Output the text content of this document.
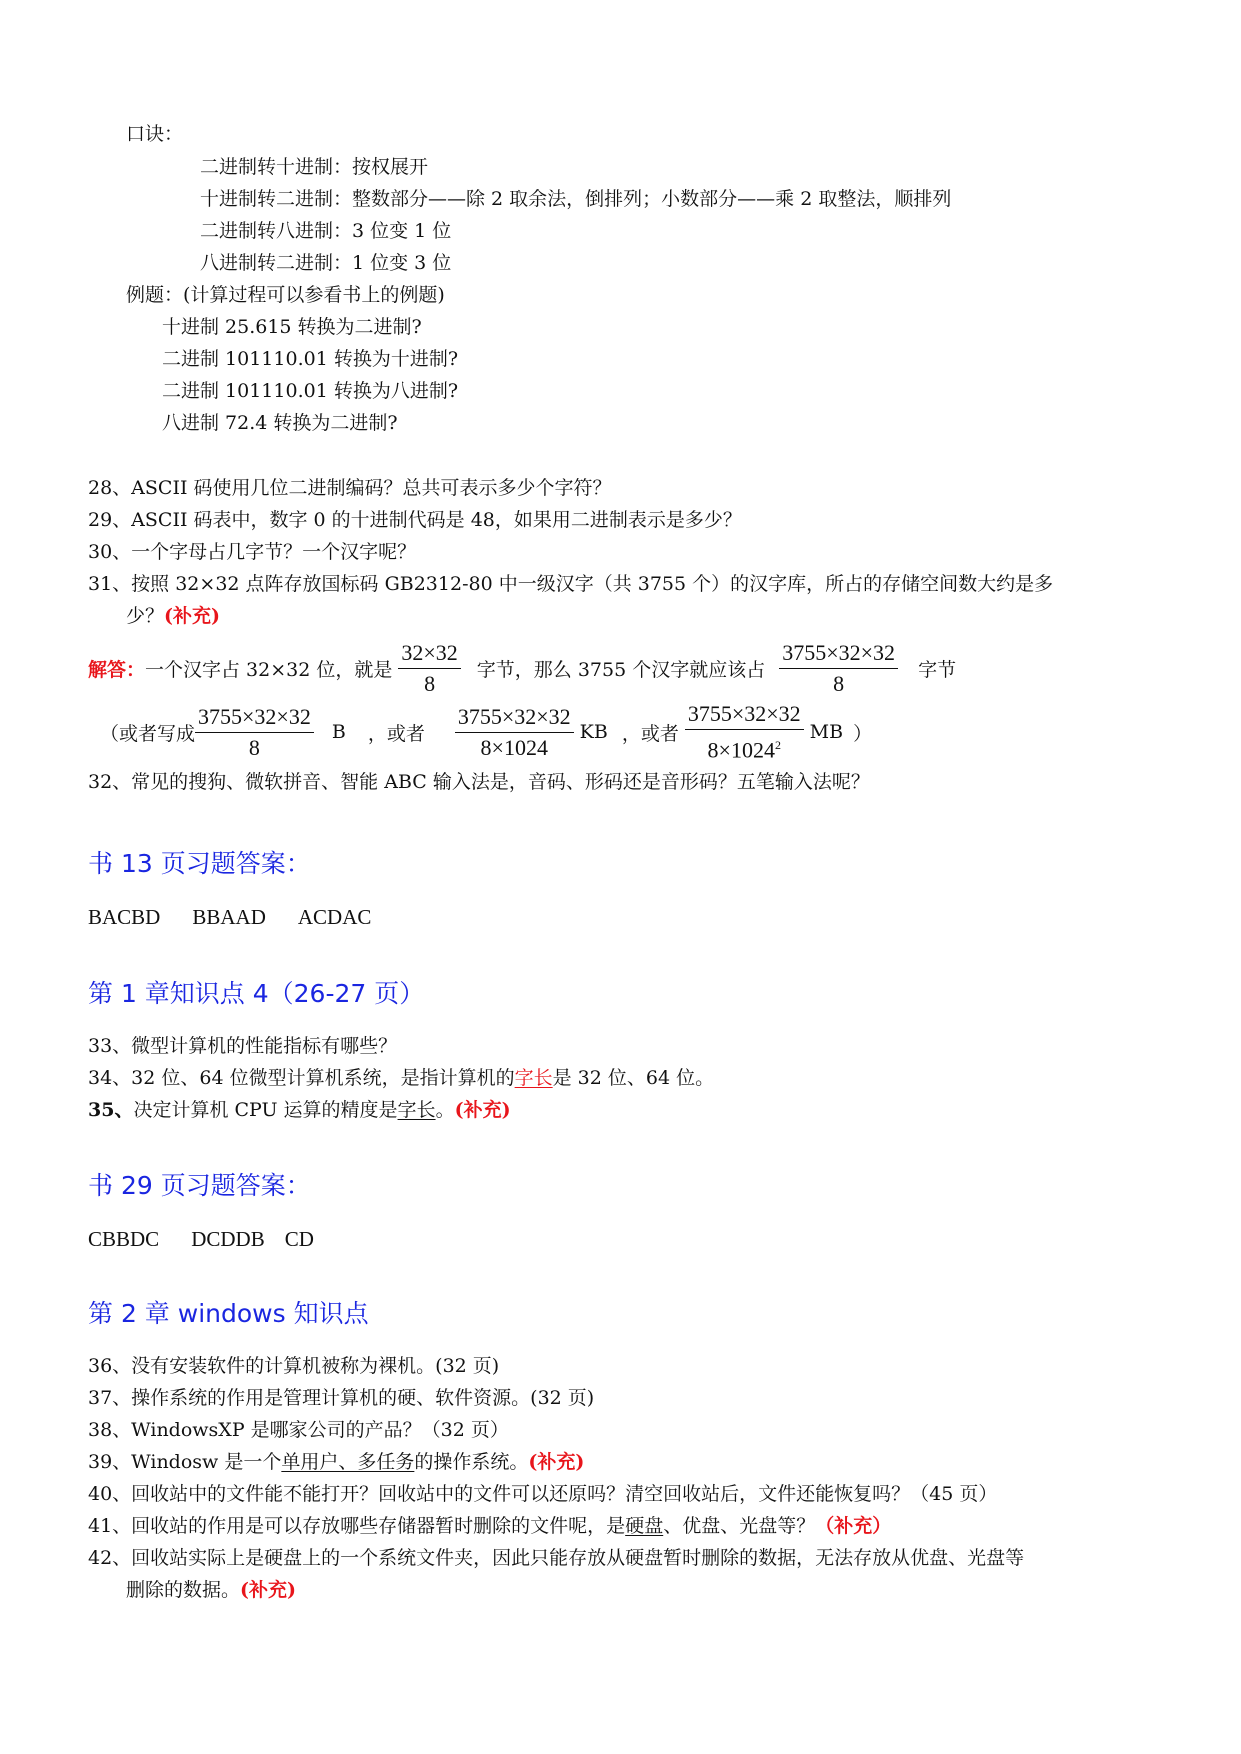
口诀：
二进制转十进制：按权展开
十进制转二进制：整数部分——除 2 取余法，倒排列；小数部分——乘 2 取整法，顺排列
二进制转八进制：3 位变 1 位
八进制转二进制：1 位变 3 位
例题：(计算过程可以参看书上的例题)
十进制 25.615 转换为二进制?
二进制 101110.01 转换为十进制?
二进制 101110.01 转换为八进制?
八进制 72.4 转换为二进制?
28、ASCII 码使用几位二进制编码？总共可表示多少个字符？
29、ASCII 码表中，数字 0 的十进制代码是 48，如果用二进制表示是多少？
30、一个字母占几字节？一个汉字呢？
31、按照 32×32 点阵存放国标码 GB2312-80 中一级汉字（共 3755 个）的汉字库，所占的存储空间数大约是多
少？(补充)
解答： 一个汉字占 32×32 位，就是 $\frac{32\times 32}{8}$ 字节，那么 3755 个汉字就应该占 $\frac{3755\times 32\times 32}{8}$ 字节
（或者写成 $\frac{3755\times 32\times 32}{8}$ B ，或者 $\frac{3755\times 32\times 32}{8\times 1024}$ KB ，或者 $\frac{3755\times 32\times 32}{8\times 1024^2}$ MB ）
32、常见的搜狗、微软拼音、智能 ABC 输入法是，音码、形码还是音形码？五笔输入法呢？
书 13 页习题答案：
BACBD BBAAD ACDAC
第 1 章知识点 4（26-27 页）
33、微型计算机的性能指标有哪些？
34、32 位、64 位微型计算机系统，是指计算机的字长是 32 位、64 位。
35、决定计算机 CPU 运算的精度是字长。(补充)
书 29 页习题答案：
CBBDC DCDDB CD
第 2 章 windows 知识点
36、没有安装软件的计算机被称为裸机。(32 页)
37、操作系统的作用是管理计算机的硬、软件资源。(32 页)
38、WindowsXP 是哪家公司的产品？（32 页）
39、Windosw 是一个单用户、多任务的操作系统。(补充)
40、回收站中的文件能不能打开？回收站中的文件可以还原吗？清空回收站后，文件还能恢复吗？（45 页）
41、回收站的作用是可以存放哪些存储器暂时删除的文件呢，是硬盘、优盘、光盘等？（补充）
42、回收站实际上是硬盘上的一个系统文件夹，因此只能存放从硬盘暂时删除的数据，无法存放从优盘、光盘等
删除的数据。(补充)
